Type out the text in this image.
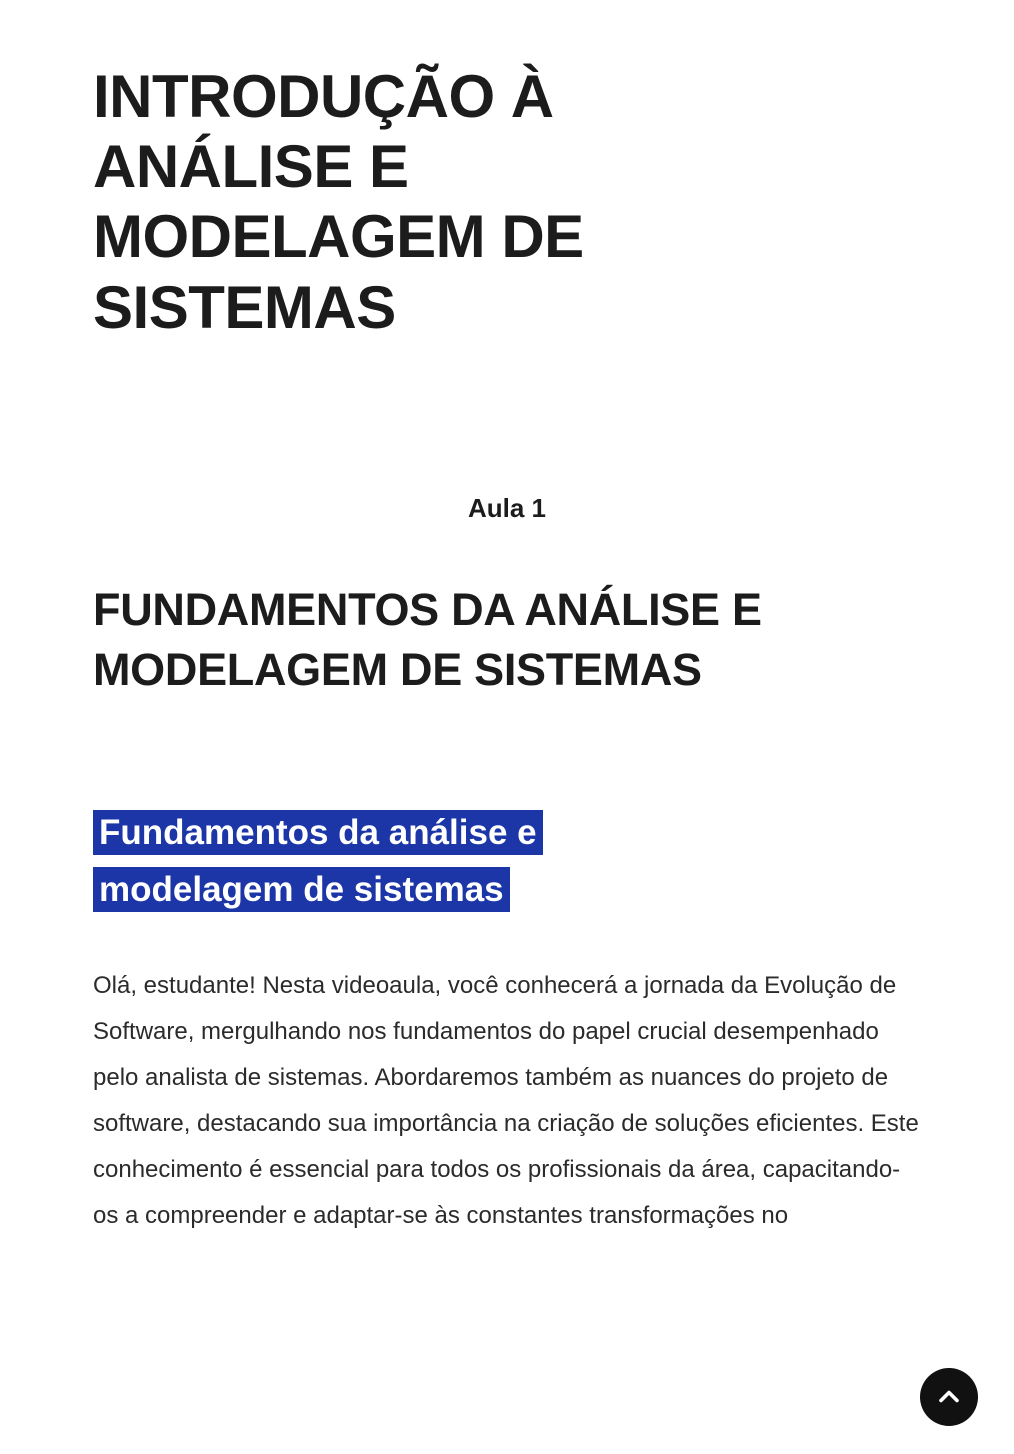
INTRODUÇÃO À ANÁLISE E MODELAGEM DE SISTEMAS

Aula 1

FUNDAMENTOS DA ANÁLISE E MODELAGEM DE SISTEMAS
Fundamentos da análise e modelagem de sistemas

Olá, estudante! Nesta videoaula, você conhecerá a jornada da Evolução de Software, mergulhando nos fundamentos do papel crucial desempenhado pelo analista de sistemas. Abordaremos também as nuances do projeto de software, destacando sua importância na criação de soluções eficientes. Este conhecimento é essencial para todos os profissionais da área, capacitando-os a compreender e adaptar-se às constantes transformações no
